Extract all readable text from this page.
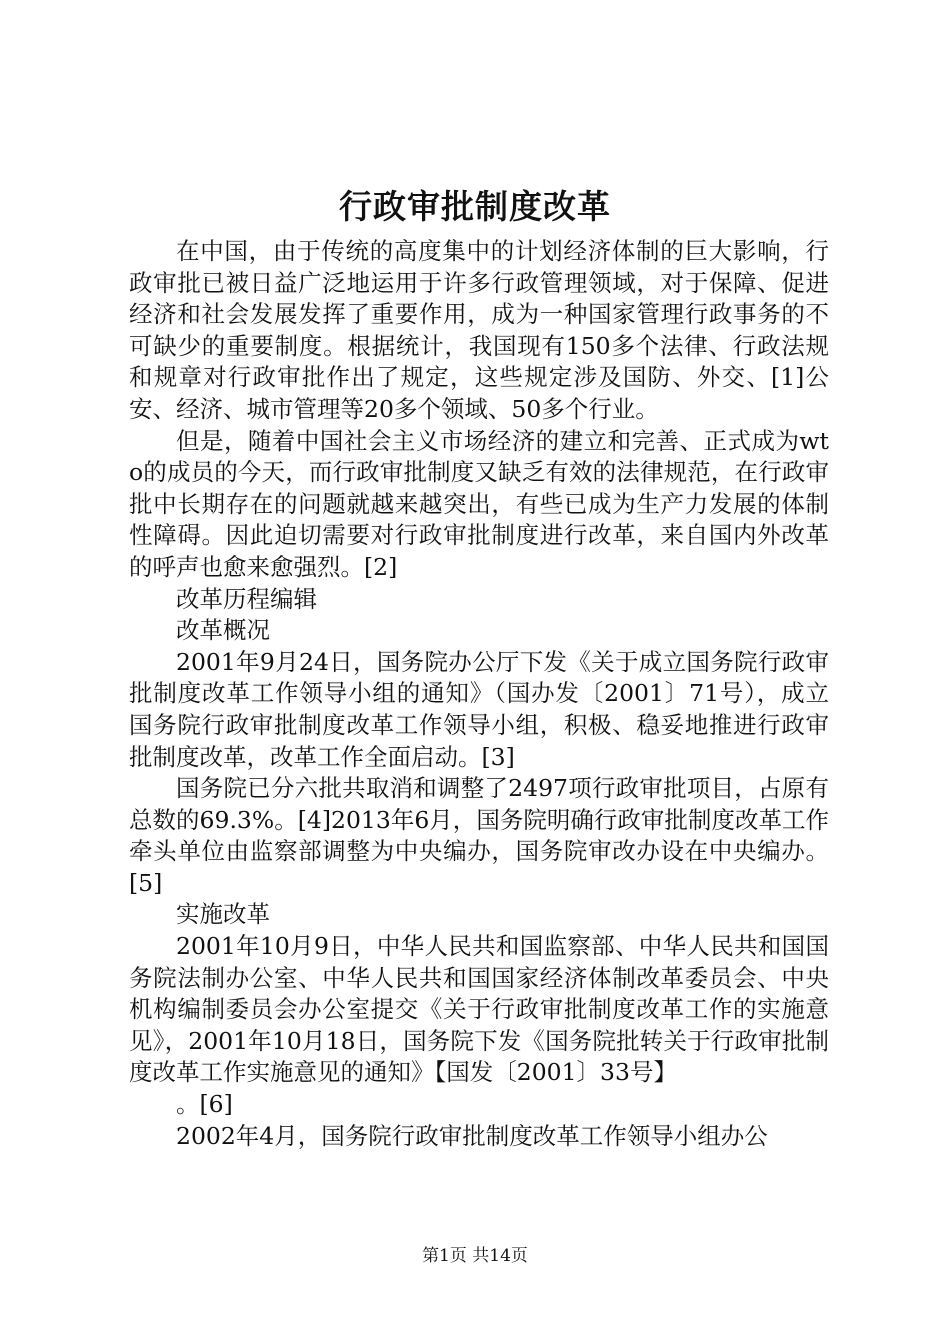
行政审批制度改革

在中国，由于传统的高度集中的计划经济体制的巨大影响，行政审批已被日益广泛地运用于许多行政管理领域，对于保障、促进经济和社会发展发挥了重要作用，成为一种国家管理行政事务的不可缺少的重要制度。根据统计，我国现有150多个法律、行政法规和规章对行政审批作出了规定，这些规定涉及国防、外交、[1]公安、经济、城市管理等20多个领域、50多个行业。

但是，随着中国社会主义市场经济的建立和完善、正式成为wto的成员的今天，而行政审批制度又缺乏有效的法律规范，在行政审批中长期存在的问题就越来越突出，有些已成为生产力发展的体制性障碍。因此迫切需要对行政审批制度进行改革，来自国内外改革的呼声也愈来愈强烈。[2]

改革历程编辑

改革概况

2001年9月24日，国务院办公厅下发《关于成立国务院行政审批制度改革工作领导小组的通知》（国办发〔2001〕71号），成立国务院行政审批制度改革工作领导小组，积极、稳妥地推进行政审批制度改革，改革工作全面启动。[3]

国务院已分六批共取消和调整了2497项行政审批项目，占原有总数的69.3%。[4]2013年6月，国务院明确行政审批制度改革工作牵头单位由监察部调整为中央编办，国务院审改办设在中央编办。[5]

实施改革

2001年10月9日，中华人民共和国监察部、中华人民共和国国务院法制办公室、中华人民共和国国家经济体制改革委员会、中央机构编制委员会办公室提交《关于行政审批制度改革工作的实施意见》，2001年10月18日，国务院下发《国务院批转关于行政审批制度改革工作实施意见的通知》【国发〔2001〕33号】

。[6]

2002年4月，国务院行政审批制度改革工作领导小组办公

第1页 共14页
